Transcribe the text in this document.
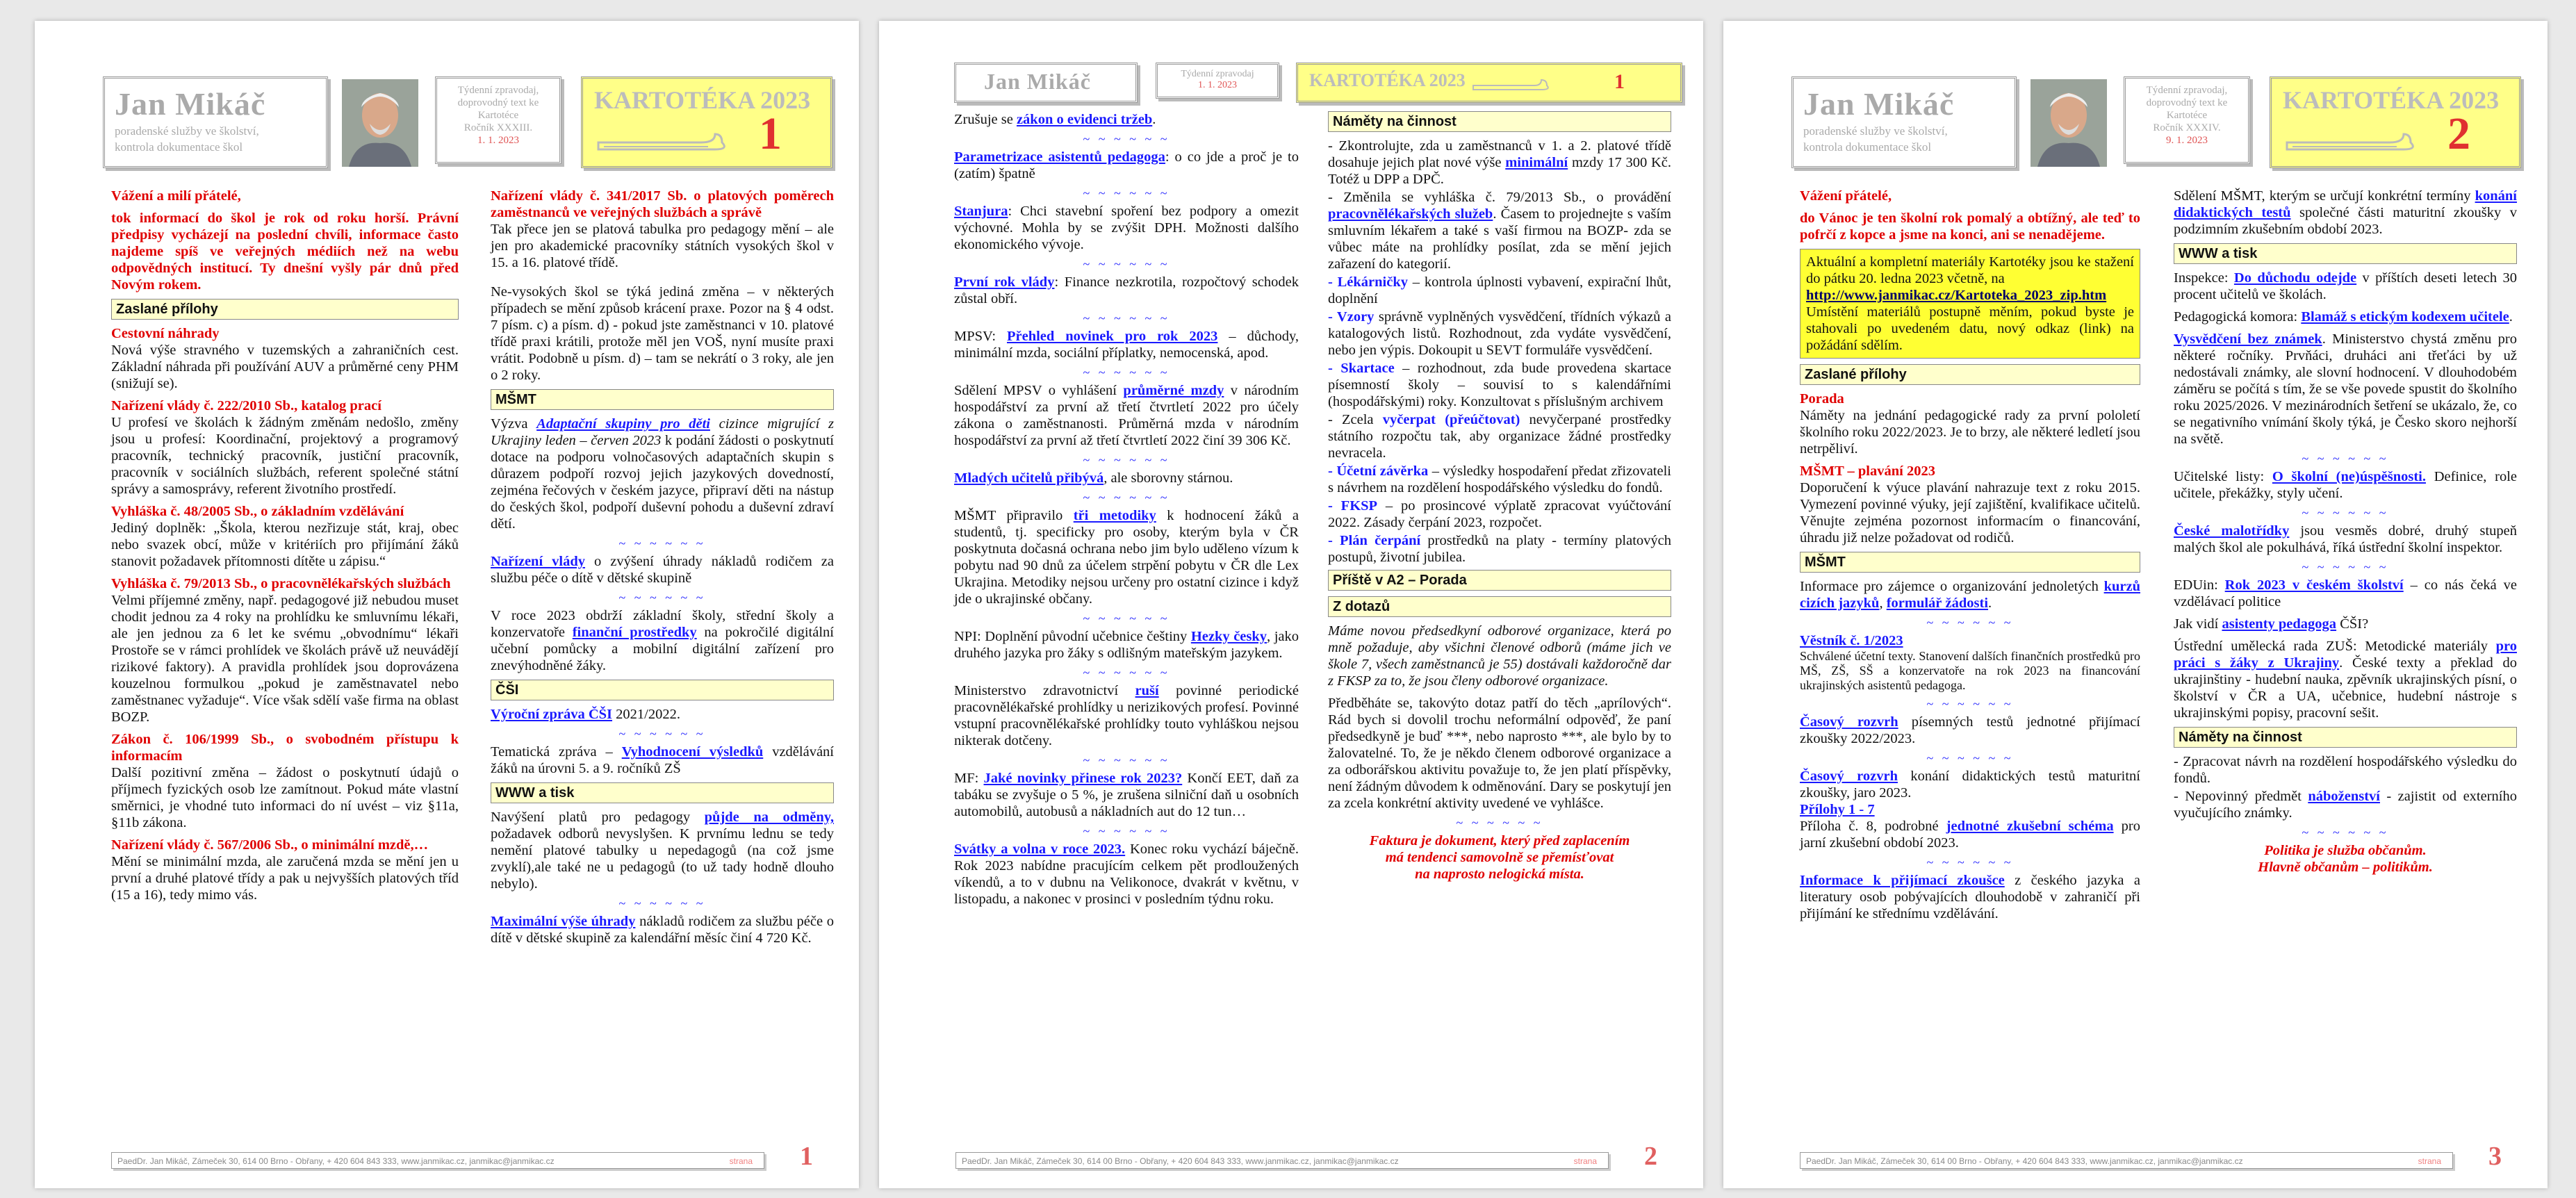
Jan Mikáč
poradenské služby ve školství,
kontrola dokumentace škol
Týdenní zpravodaj,
doprovodný text ke
Kartotéce
Ročník XXXIII.
1. 1. 2023
KARTOTÉKA 2023
1

Vážení a milí přátelé,

tok informací do škol je rok od roku horší. Právní předpisy vycházejí na poslední chvíli, informace často najdeme spíš ve veřejných médiích než na webu odpovědných institucí. Ty dnešní vyšly pár dnů před Novým rokem.

Zaslané přílohy
Cestovní náhrady

Nová výše stravného v tuzemských a zahraničních cest. Základní náhrada při používání AUV a průměrné ceny PHM (snižují se).

Nařízení vlády č. 222/2010 Sb., katalog prací

U profesí ve školách k žádným změnám nedošlo, změny jsou u profesí: Koordinační, projektový a programový pracovník, technický pracovník, justiční pracovník, pracovník v sociálních službách, referent společné státní správy a samosprávy, referent životního prostředí.

Vyhláška č. 48/2005 Sb., o základním vzdělávání

Jediný doplněk: „Škola, kterou nezřizuje stát, kraj, obec nebo svazek obcí, může v kritériích pro přijímání žáků stanovit požadavek přítomnosti dítěte u zápisu.“

Vyhláška č. 79/2013 Sb., o pracovnělékařských službách

Velmi příjemné změny, např. pedagogové již nebudou muset chodit jednou za 4 roky na prohlídku ke smluvnímu lékaři, ale jen jednou za 6 let ke svému „obvodnímu“ lékaři Prostoře se v rámci prohlídek ve školách právě už neuvádějí rizikové faktory). A pravidla prohlídek jsou doprovázena kouzelnou formulkou „pokud je zaměstnavatel nebo zaměstnanec vyžaduje“. Více však sdělí vaše firma na oblast BOZP.

Zákon č. 106/1999 Sb., o svobodném přístupu k informacím

Další pozitivní změna – žádost o poskytnutí údajů o příjmech fyzických osob lze zamítnout. Pokud máte vlastní směrnici, je vhodné tuto informaci do ní uvést – viz §11a, §11b zákona.

Nařízení vlády č. 567/2006 Sb., o minimální mzdě,…

Mění se minimální mzda, ale zaručená mzda se mění jen u první a druhé platové třídy a pak u nejvyšších platových tříd (15 a 16), tedy mimo vás.

Nařízení vlády č. 341/2017 Sb. o platových poměrech zaměstnanců ve veřejných službách a správě

Tak přece jen se platová tabulka pro pedagogy mění – ale jen pro akademické pracovníky státních vysokých škol v 15. a 16. platové třídě.

Ne-vysokých škol se týká jediná změna – v některých případech se mění způsob krácení praxe. Pozor na § 4 odst. 7 písm. c) a písm. d) - pokud jste zaměstnanci v 10. platové třídě praxi krátili, protože měl jen VOŠ, nyní musíte praxi vrátit. Podobně u písm. d) – tam se nekrátí o 3 roky, ale jen o 2 roky.

MŠMT

Výzva Adaptační skupiny pro děti cizince migrující z Ukrajiny leden – červen 2023 k podání žádosti o poskytnutí dotace na podporu volnočasových adaptačních skupin s důrazem podpoří rozvoj jejich jazykových dovedností, zejména řečových v českém jazyce, připraví děti na nástup do českých škol, podpoří duševní pohodu a duševní zdraví dětí.

~ ~ ~ ~ ~ ~

Nařízení vlády o zvýšení úhrady nákladů rodičem za službu péče o dítě v dětské skupině

~ ~ ~ ~ ~ ~

V roce 2023 obdrží základní školy, střední školy a konzervatoře finanční prostředky na pokročilé digitální učební pomůcky a mobilní digitální zařízení pro znevýhodněné žáky.

ČŠI

Výroční zpráva ČŠI 2021/2022.

~ ~ ~ ~ ~ ~

Tematická zpráva – Vyhodnocení výsledků vzdělávání žáků na úrovni 5. a 9. ročníků ZŠ

WWW a tisk

Navýšení platů pro pedagogy půjde na odměny, požadavek odborů nevyslyšen. K prvnímu lednu se tedy nemění platové tabulky u nepedagogů (na což jsme zvyklí),ale také ne u pedagogů (to už tady hodně dlouho nebylo).

~ ~ ~ ~ ~ ~

Maximální výše úhrady nákladů rodičem za službu péče o dítě v dětské skupině za kalendářní měsíc činí 4 720 Kč.

PaedDr. Jan Mikáč, Zámeček 30, 614 00 Brno - Obřany, + 420 604 843 333, www.janmikac.cz, janmikac@janmikac.cz	strana 1
Jan Mikáč	Týdenní zpravodaj
1. 1. 2023	KARTOTÉKA 2023	1

Zrušuje se zákon o evidenci tržeb.

~ ~ ~ ~ ~ ~

Parametrizace asistentů pedagoga: o co jde a proč je to (zatím) špatně

~ ~ ~ ~ ~ ~

Stanjura: Chci stavební spoření bez podpory a omezit výchovné. Mohla by se zvýšit DPH. Možnosti dalšího ekonomického vývoje.

~ ~ ~ ~ ~ ~

První rok vlády: Finance nezkrotila, rozpočtový schodek zůstal obří.

~ ~ ~ ~ ~ ~

MPSV: Přehled novinek pro rok 2023 – důchody, minimální mzda, sociální příplatky, nemocenská, apod.

~ ~ ~ ~ ~ ~

Sdělení MPSV o vyhlášení průměrné mzdy v národním hospodářství za první až třetí čtvrtletí 2022 pro účely zákona o zaměstnanosti. Průměrná mzda v národním hospodářství za první až třetí čtvrtletí 2022 činí 39 306 Kč.

~ ~ ~ ~ ~ ~

Mladých učitelů přibývá, ale sborovny stárnou.

~ ~ ~ ~ ~ ~

MŠMT připravilo tři metodiky k hodnocení žáků a studentů, tj. specificky pro osoby, kterým byla v ČR poskytnuta dočasná ochrana nebo jim bylo uděleno vízum k pobytu nad 90 dnů za účelem strpění pobytu v ČR dle Lex Ukrajina. Metodiky nejsou určeny pro ostatní cizince i když jde o ukrajinské občany.

~ ~ ~ ~ ~ ~

NPI: Doplnění původní učebnice češtiny Hezky česky, jako druhého jazyka pro žáky s odlišným mateřským jazykem.

~ ~ ~ ~ ~ ~

Ministerstvo zdravotnictví ruší povinné periodické pracovnělékařské prohlídky u nerizikových profesí. Povinné vstupní pracovnělékařské prohlídky touto vyhláškou nejsou nikterak dotčeny.

~ ~ ~ ~ ~ ~

MF: Jaké novinky přinese rok 2023? Končí EET, daň za tabáku se zvyšuje o 5 %, je zrušena silniční daň u osobních automobilů, autobusů a nákladních aut do 12 tun…

~ ~ ~ ~ ~ ~

Svátky a volna v roce 2023. Konec roku vychází báječně. Rok 2023 nabídne pracujícím celkem pět prodloužených víkendů, a to v dubnu na Velikonoce, dvakrát v květnu, v listopadu, a nakonec v prosinci v posledním týdnu roku.

Náměty na činnost

- Zkontrolujte, zda u zaměstnanců v 1. a 2. platové třídě dosahuje jejich plat nové výše minimální mzdy 17 300 Kč. Totéž u DPP a DPČ.

- Změnila se vyhláška č. 79/2013 Sb., o provádění pracovnělékařských služeb. Časem to projednejte s vaším smluvním lékařem a také s vaší firmou na BOZP- zda se vůbec máte na prohlídky posílat, zda se mění jejich zařazení do kategorií.

- Lékárničky – kontrola úplnosti vybavení, expirační lhůt, doplnění

- Vzory správně vyplněných vysvědčení, třídních výkazů a katalogových listů. Rozhodnout, zda vydáte vysvědčení, nebo jen výpis. Dokoupit u SEVT formuláře vysvědčení.

- Skartace – rozhodnout, zda bude provedena skartace písemností školy – souvisí to s kalendářními (hospodářskými) roky. Konzultovat s příslušným archivem

- Zcela vyčerpat (přeúčtovat) nevyčerpané prostředky státního rozpočtu tak, aby organizace žádné prostředky nevracela.

- Účetní závěrka – výsledky hospodaření předat zřizovateli s návrhem na rozdělení hospodářského výsledku do fondů.

- FKSP – po prosincové výplatě zpracovat vyúčtování 2022. Zásady čerpání 2023, rozpočet.

- Plán čerpání prostředků na platy - termíny platových postupů, životní jubilea.

Příště v A2 – Porada
Z dotazů

Máme novou předsedkyní odborové organizace, která po mně požaduje, aby všichni členové odborů (máme jich ve škole 7, všech zaměstnanců je 55) dostávali každoročně dar z FKSP za to, že jsou členy odborové organizace.

Předběháte se, takovýto dotaz patří do těch „aprílových“. Rád bych si dovolil trochu neformální odpověď, že paní předsedkyně je buď ***, nebo naprosto ***, ale bylo by to žalovatelné. To, že je někdo členem odborové organizace a za odborářskou aktivitu považuje to, že jen platí příspěvky, není žádným důvodem k odměnování. Dary se poskytují jen za zcela konkrétní aktivity uvedené ve vyhlášce.

~ ~ ~ ~ ~ ~
Faktura je dokument, který před zaplacením
má tendenci samovolně se přemísťovat
na naprosto nelogická místa.
PaedDr. Jan Mikáč, Zámeček 30, 614 00 Brno - Obřany, + 420 604 843 333, www.janmikac.cz, janmikac@janmikac.cz	strana 2
Jan Mikáč
poradenské služby ve školství,
kontrola dokumentace škol
Týdenní zpravodaj,
doprovodný text ke
Kartotéce
Ročník XXXIV.
9. 1. 2023
KARTOTÉKA 2023
2

Vážení přátelé,

do Vánoc je ten školní rok pomalý a obtížný, ale teď to pofrčí z kopce a jsme na konci, ani se nenadějeme.

Aktuální a kompletní materiály Kartotéky jsou ke stažení do pátku 20. ledna 2023 včetně, na
http://www.janmikac.cz/Kartoteka_2023_zip.htm
Umístění materiálů postupně měním, pokud byste je stahovali po uvedeném datu, nový odkaz (link) na požádání sdělím.
Zaslané přílohy
Porada

Náměty na jednání pedagogické rady za první pololetí školního roku 2022/2023. Je to brzy, ale některé ledletí jsou netrpěliví.

MŠMT – plavání 2023

Doporučení k výuce plavání nahrazuje text z roku 2015. Vymezení povinné výuky, její zajištění, kvalifikace učitelů. Věnujte zejména pozornost informacím o financování, úhradu již nelze požadovat od rodičů.

MŠMT

Informace pro zájemce o organizování jednoletých kurzů cizích jazyků, formulář žádosti.

~ ~ ~ ~ ~ ~
Věstník č. 1/2023

Schválené účetní texty. Stanovení dalších finančních prostředků pro MŠ, ZŠ, SŠ a konzervatoře na rok 2023 na financování ukrajinských asistentů pedagoga.

~ ~ ~ ~ ~ ~

Časový rozvrh písemných testů jednotné přijímací zkoušky 2022/2023.

~ ~ ~ ~ ~ ~

Časový rozvrh konání didaktických testů maturitní zkoušky, jaro 2023.

Přílohy 1 - 7

Příloha č. 8, podrobné jednotné zkušební schéma pro jarní zkušební období 2023.

~ ~ ~ ~ ~ ~

Informace k přijímací zkoušce z českého jazyka a literatury osob pobývajících dlouhodobě v zahraničí při přijímání ke střednímu vzdělávání.

Sdělení MŠMT, kterým se určují konkrétní termíny konání didaktických testů společné části maturitní zkoušky v podzimním zkušebním období 2023.

WWW a tisk

Inspekce: Do důchodu odejde v příštích deseti letech 30 procent učitelů ve školách.

Pedagogická komora: Blamáž s etickým kodexem učitele.

Vysvědčení bez známek. Ministerstvo chystá změnu pro některé ročníky. Prvňáci, druháci ani třeťáci by už nedostávali známky, ale slovní hodnocení. V dlouhodobém záměru se počítá s tím, že se vše povede spustit do školního roku 2025/2026. V mezinárodních šetření se ukázalo, že, co se negativního vnímání školy týká, je Česko skoro nejhorší na světě.

~ ~ ~ ~ ~ ~

Učitelské listy: O školní (ne)úspěšnosti. Definice, role učitele, překážky, styly učení.

~ ~ ~ ~ ~ ~

České malotřídky jsou vesměs dobré, druhý stupeň malých škol ale pokulhává, říká ústřední školní inspektor.

~ ~ ~ ~ ~ ~

EDUin: Rok 2023 v českém školství – co nás čeká ve vzdělávací politice

Jak vidí asistenty pedagoga ČŠI?

Ústřední umělecká rada ZUŠ: Metodické materiály pro práci s žáky z Ukrajiny. České texty a překlad do ukrajinštiny - hudební nauka, zpěvník ukrajinských písní, o školství v ČR a UA, učebnice, hudební nástroje s ukrajinskými popisy, pracovní sešit.

Náměty na činnost

- Zpracovat návrh na rozdělení hospodářského výsledku do fondů.

- Nepovinný předmět náboženství - zajistit od externího vyučujícího známky.

~ ~ ~ ~ ~ ~
Politika je služba občanům.
Hlavně občanům – politikům.
PaedDr. Jan Mikáč, Zámeček 30, 614 00 Brno - Obřany, + 420 604 843 333, www.janmikac.cz, janmikac@janmikac.cz	strana 3
